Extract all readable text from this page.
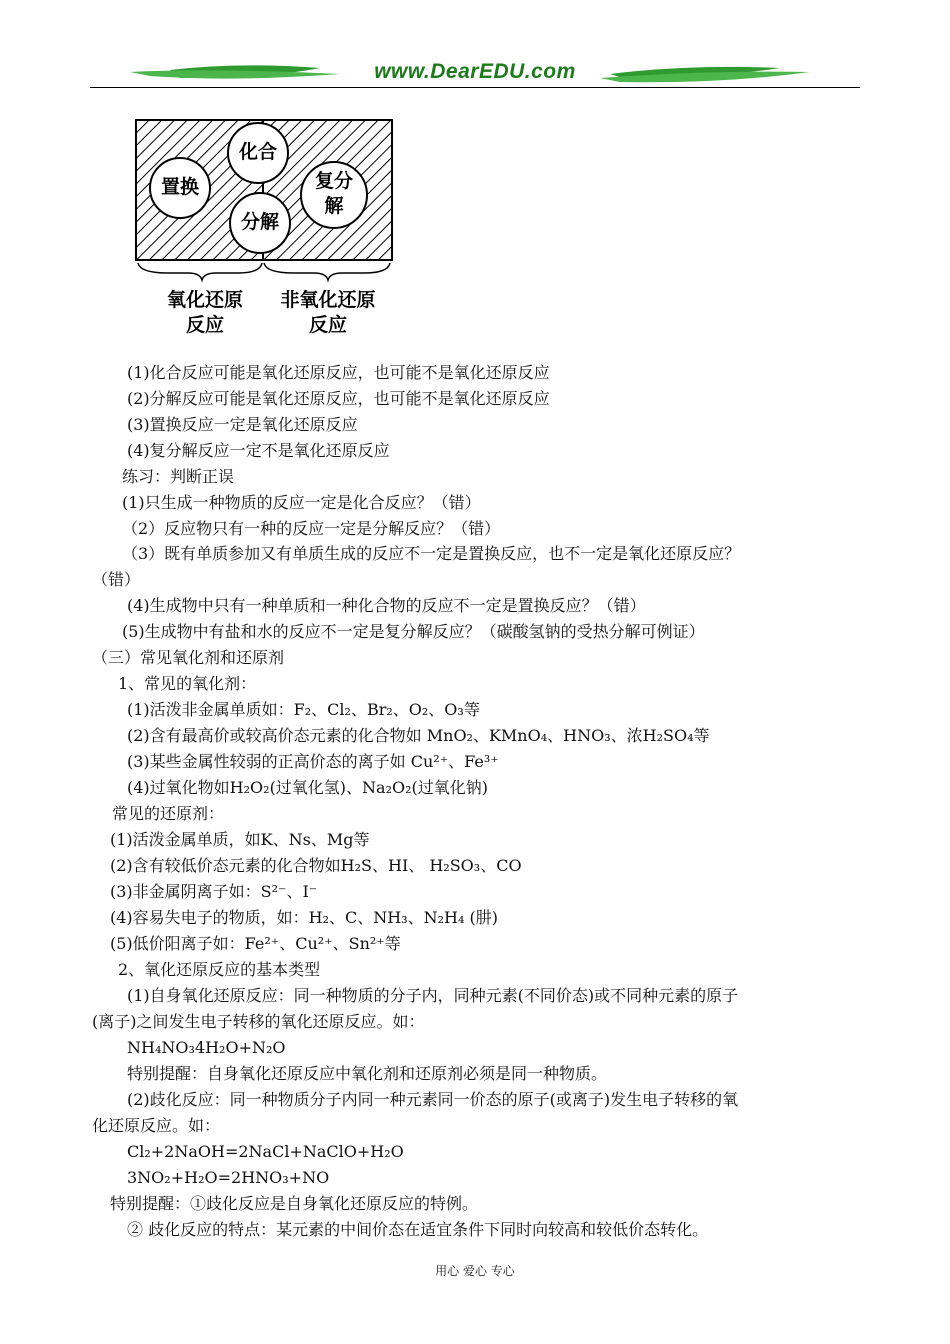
www.DearEDU.com
化合
置换
分解
复分解
氧化还原
反应
非氧化还原
反应
(1)化合反应可能是氧化还原反应，也可能不是氧化还原反应
(2)分解反应可能是氧化还原反应，也可能不是氧化还原反应
(3)置换反应一定是氧化还原反应
(4)复分解反应一定不是氧化还原反应
练习：判断正误
(1)只生成一种物质的反应一定是化合反应？（错）
（2）反应物只有一种的反应一定是分解反应？（错）
（3）既有单质参加又有单质生成的反应不一定是置换反应，也不一定是氧化还原反应？
（错）
(4)生成物中只有一种单质和一种化合物的反应不一定是置换反应？（错）
(5)生成物中有盐和水的反应不一定是复分解反应？（碳酸氢钠的受热分解可例证）
（三）常见氧化剂和还原剂
1、常见的氧化剂：
(1)活泼非金属单质如：F₂、Cl₂、Br₂、O₂、O₃等
(2)含有最高价或较高价态元素的化合物如 MnO₂、KMnO₄、HNO₃、浓H₂SO₄等
(3)某些金属性较弱的正高价态的离子如 Cu²⁺、Fe³⁺
(4)过氧化物如H₂O₂(过氧化氢)、Na₂O₂(过氧化钠)
常见的还原剂：
(1)活泼金属单质，如K、Ns、Mg等
(2)含有较低价态元素的化合物如H₂S、HI、 H₂SO₃、CO
(3)非金属阴离子如：S²⁻、I⁻
(4)容易失电子的物质，如：H₂、C、NH₃、N₂H₄ (肼)
(5)低价阳离子如：Fe²⁺、Cu²⁺、Sn²⁺等
2、氧化还原反应的基本类型
(1)自身氧化还原反应：同一种物质的分子内，同种元素(不同价态)或不同种元素的原子
(离子)之间发生电子转移的氧化还原反应。如：
NH₄NO₃4H₂O+N₂O
特别提醒：自身氧化还原反应中氧化剂和还原剂必须是同一种物质。
(2)歧化反应：同一种物质分子内同一种元素同一价态的原子(或离子)发生电子转移的氧
化还原反应。如：
Cl₂+2NaOH=2NaCl+NaClO+H₂O
3NO₂+H₂O=2HNO₃+NO
特别提醒：①歧化反应是自身氧化还原反应的特例。
② 歧化反应的特点：某元素的中间价态在适宜条件下同时向较高和较低价态转化。
用心 爱心 专心
